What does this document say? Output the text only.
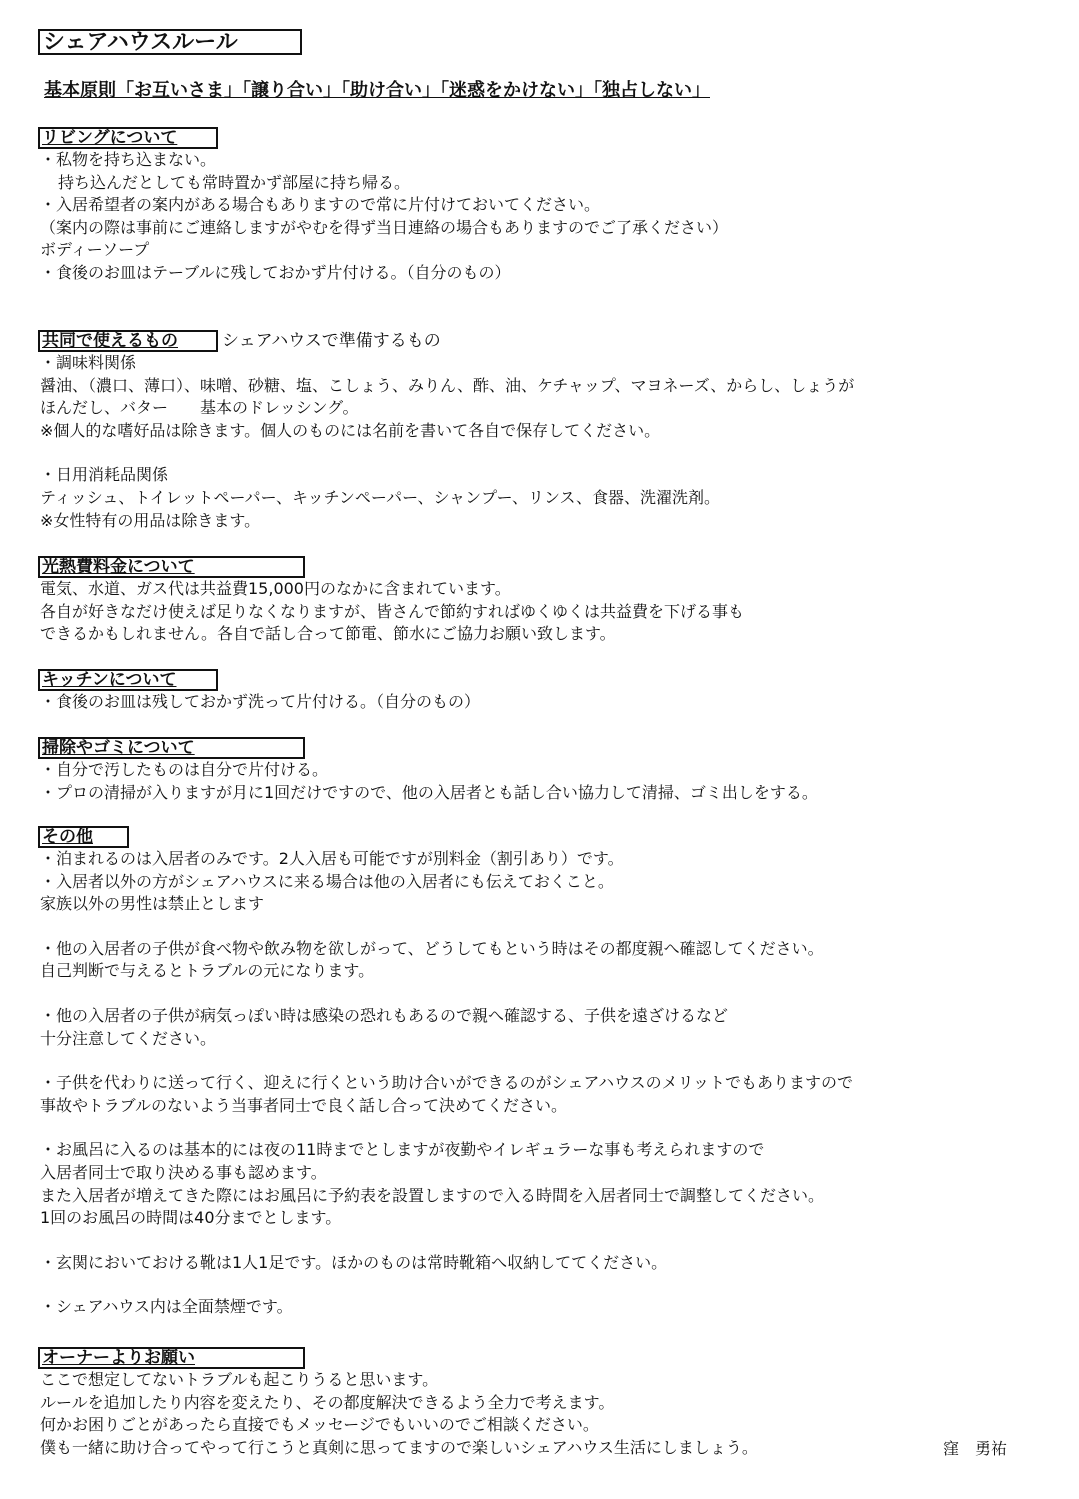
シェアハウスルール
基本原則「お互いさま」「譲り合い」「助け合い」「迷惑をかけない」「独占しない」
リビングについて
・私物を持ち込まない。
持ち込んだとしても常時置かず部屋に持ち帰る。
・入居希望者の案内がある場合もありますので常に片付けておいてください。
（案内の際は事前にご連絡しますがやむを得ず当日連絡の場合もありますのでご了承ください）
ボディーソープ
・食後のお皿はテーブルに残しておかず片付ける。（自分のもの）
共同で使えるもの	シェアハウスで準備するもの
・調味料関係
醤油、（濃口、薄口）、味噌、砂糖、塩、こしょう、みりん、酢、油、ケチャップ、マヨネーズ、からし、しょうが
ほんだし、バター　　基本のドレッシング。
※個人的な嗜好品は除きます。個人のものには名前を書いて各自で保存してください。
・日用消耗品関係
ティッシュ、トイレットペーパー、キッチンペーパー、シャンプー、リンス、食器、洗濯洗剤。
※女性特有の用品は除きます。
光熱費料金について
電気、水道、ガス代は共益費15,000円のなかに含まれています。
各自が好きなだけ使えば足りなくなりますが、皆さんで節約すればゆくゆくは共益費を下げる事も
できるかもしれません。各自で話し合って節電、節水にご協力お願い致します。
キッチンについて
・食後のお皿は残しておかず洗って片付ける。（自分のもの）
掃除やゴミについて
・自分で汚したものは自分で片付ける。
・プロの清掃が入りますが月に1回だけですので、他の入居者とも話し合い協力して清掃、ゴミ出しをする。
その他
・泊まれるのは入居者のみです。2人入居も可能ですが別料金（割引あり）です。
・入居者以外の方がシェアハウスに来る場合は他の入居者にも伝えておくこと。
家族以外の男性は禁止とします
・他の入居者の子供が食べ物や飲み物を欲しがって、どうしてもという時はその都度親へ確認してください。
自己判断で与えるとトラブルの元になります。
・他の入居者の子供が病気っぽい時は感染の恐れもあるので親へ確認する、子供を遠ざけるなど
十分注意してください。
・子供を代わりに送って行く、迎えに行くという助け合いができるのがシェアハウスのメリットでもありますので
事故やトラブルのないよう当事者同士で良く話し合って決めてください。
・お風呂に入るのは基本的には夜の11時までとしますが夜勤やイレギュラーな事も考えられますので
入居者同士で取り決める事も認めます。
また入居者が増えてきた際にはお風呂に予約表を設置しますので入る時間を入居者同士で調整してください。
1回のお風呂の時間は40分までとします。
・玄関においておける靴は1人1足です。ほかのものは常時靴箱へ収納しててください。
・シェアハウス内は全面禁煙です。
オーナーよりお願い
ここで想定してないトラブルも起こりうると思います。
ルールを追加したり内容を変えたり、その都度解決できるよう全力で考えます。
何かお困りごとがあったら直接でもメッセージでもいいのでご相談ください。
僕も一緒に助け合ってやって行こうと真剣に思ってますので楽しいシェアハウス生活にしましょう。	窪　勇祐
